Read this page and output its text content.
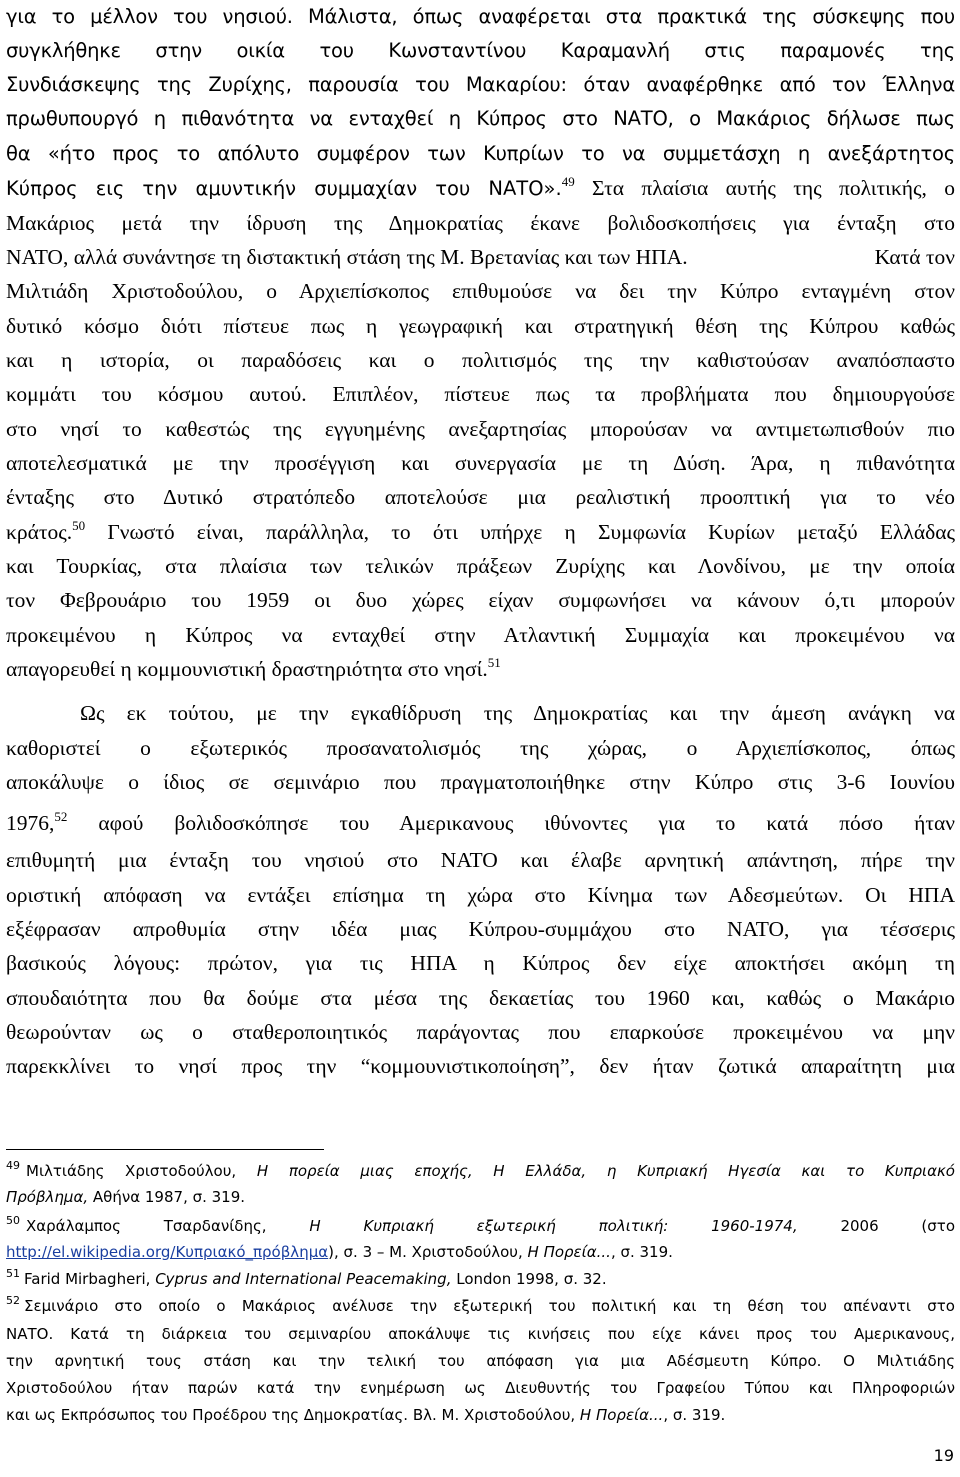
για το μέλλον του νησιού. Μάλιστα, όπως αναφέρεται στα πρακτικά της σύσκεψης που
συγκλήθηκε στην οικία του Κωνσταντίνου Καραμανλή στις παραμονές της
Συνδιάσκεψης της Ζυρίχης, παρουσία του Μακαρίου: όταν αναφέρθηκε από τον Έλληνα
πρωθυπουργό η πιθανότητα να ενταχθεί η Κύπρος στο ΝΑΤΟ, ο Μακάριος δήλωσε πως
θα «ήτο προς το απόλυτο συμφέρον των Κυπρίων το να συμμετάσχη η ανεξάρτητος
Κύπρος εις την αμυντικήν συμμαχίαν του ΝΑΤΟ».$^{49}$ Στα πλαίσια αυτής της πολιτικής, ο
Μακάριος μετά την ίδρυση της Δημοκρατίας έκανε βολιδοσκοπήσεις για ένταξη στο
ΝΑΤΟ, αλλά συνάντησε τη διστακτική στάση της Μ. Βρετανίας και των ΗΠΑ.	Κατά τον
Μιλτιάδη Χριστοδούλου, ο Αρχιεπίσκοπος επιθυμούσε να δει την Κύπρο ενταγμένη στον
δυτικό κόσμο διότι πίστευε πως η γεωγραφική και στρατηγική θέση της Κύπρου καθώς
και η ιστορία, οι παραδόσεις και ο πολιτισμός της την καθιστούσαν αναπόσπαστο
κομμάτι του κόσμου αυτού. Επιπλέον, πίστευε πως τα προβλήματα που δημιουργούσε
στο νησί το καθεστώς της εγγυημένης ανεξαρτησίας μπορούσαν να αντιμετωπισθούν πιο
αποτελεσματικά με την προσέγγιση και συνεργασία με τη Δύση. Άρα, η πιθανότητα
ένταξης στο Δυτικό στρατόπεδο αποτελούσε μια ρεαλιστική προοπτική για το νέο
κράτος.$^{50}$ Γνωστό είναι, παράλληλα, το ότι υπήρχε η Συμφωνία Κυρίων μεταξύ Ελλάδας
και Τουρκίας, στα πλαίσια των τελικών πράξεων Ζυρίχης και Λονδίνου, με την οποία
τον Φεβρουάριο του 1959 οι δυο χώρες είχαν συμφωνήσει να κάνουν ό,τι μπορούν
προκειμένου η Κύπρος να ενταχθεί στην Ατλαντική Συμμαχία και προκειμένου να
απαγορευθεί η κομμουνιστική δραστηριότητα στο νησί.$^{51}$
Ως εκ τούτου, με την εγκαθίδρυση της Δημοκρατίας και την άμεση ανάγκη να
καθοριστεί ο εξωτερικός προσανατολισμός της χώρας, ο Αρχιεπίσκοπος, όπως
αποκάλυψε ο ίδιος σε σεμινάριο που πραγματοποιήθηκε στην Κύπρο στις 3-6 Ιουνίου
1976,52 αφού βολιδοσκόπησε του Αμερικανους ιθύνοντες για το κατά πόσο ήταν
επιθυμητή μια ένταξη του νησιού στο ΝΑΤΟ και έλαβε αρνητική απάντηση, πήρε την
οριστική απόφαση να εντάξει επίσημα τη χώρα στο Κίνημα των Αδεσμεύτων. Οι ΗΠΑ
εξέφρασαν απροθυμία στην ιδέα μιας Κύπρου-συμμάχου στο ΝΑΤΟ, για τέσσερις
βασικούς λόγους: πρώτον, για τις ΗΠΑ η Κύπρος δεν είχε αποκτήσει ακόμη τη
σπουδαιότητα που θα δούμε στα μέσα της δεκαετίας του 1960 και, καθώς ο Μακάριο
θεωρούνταν ως ο σταθεροποιητικός παράγοντας που επαρκούσε προκειμένου να μην
παρεκκλίνει το νησί προς την “κομμουνιστικοποίηση”, δεν ήταν ζωτικά απαραίτητη μια
$^{49}$ Μιλτιάδης Χριστοδούλου, Η πορεία μιας εποχής, Η Ελλάδα, η Κυπριακή Ηγεσία και το Κυπριακό
Πρόβλημα, Αθήνα 1987, σ. 319.
$^{50}$ Χαράλαμπος Τσαρδανίδης, Η Κυπριακή εξωτερική πολιτική: 1960-1974, 2006 (στο
http://el.wikipedia.org/Κυπριακό_πρόβλημα), σ. 3 – Μ. Χριστοδούλου, Η Πορεία..., σ. 319.
$^{51}$ Farid Mirbagheri, Cyprus and International Peacemaking, London 1998, σ. 32.
$^{52}$ Σεμινάριο στο οποίο ο Μακάριος ανέλυσε την εξωτερική του πολιτική και τη θέση του απέναντι στο
ΝΑΤΟ. Κατά τη διάρκεια του σεμιναρίου αποκάλυψε τις κινήσεις που είχε κάνει προς του Αμερικανους,
την αρνητική τους στάση και την τελική του απόφαση για μια Αδέσμευτη Κύπρο. Ο Μιλτιάδης
Χριστοδούλου ήταν παρών κατά την ενημέρωση ως Διευθυντής του Γραφείου Τύπου και Πληροφοριών
και ως Εκπρόσωπος του Προέδρου της Δημοκρατίας. Βλ. Μ. Χριστοδούλου, Η Πορεία..., σ. 319.
19
